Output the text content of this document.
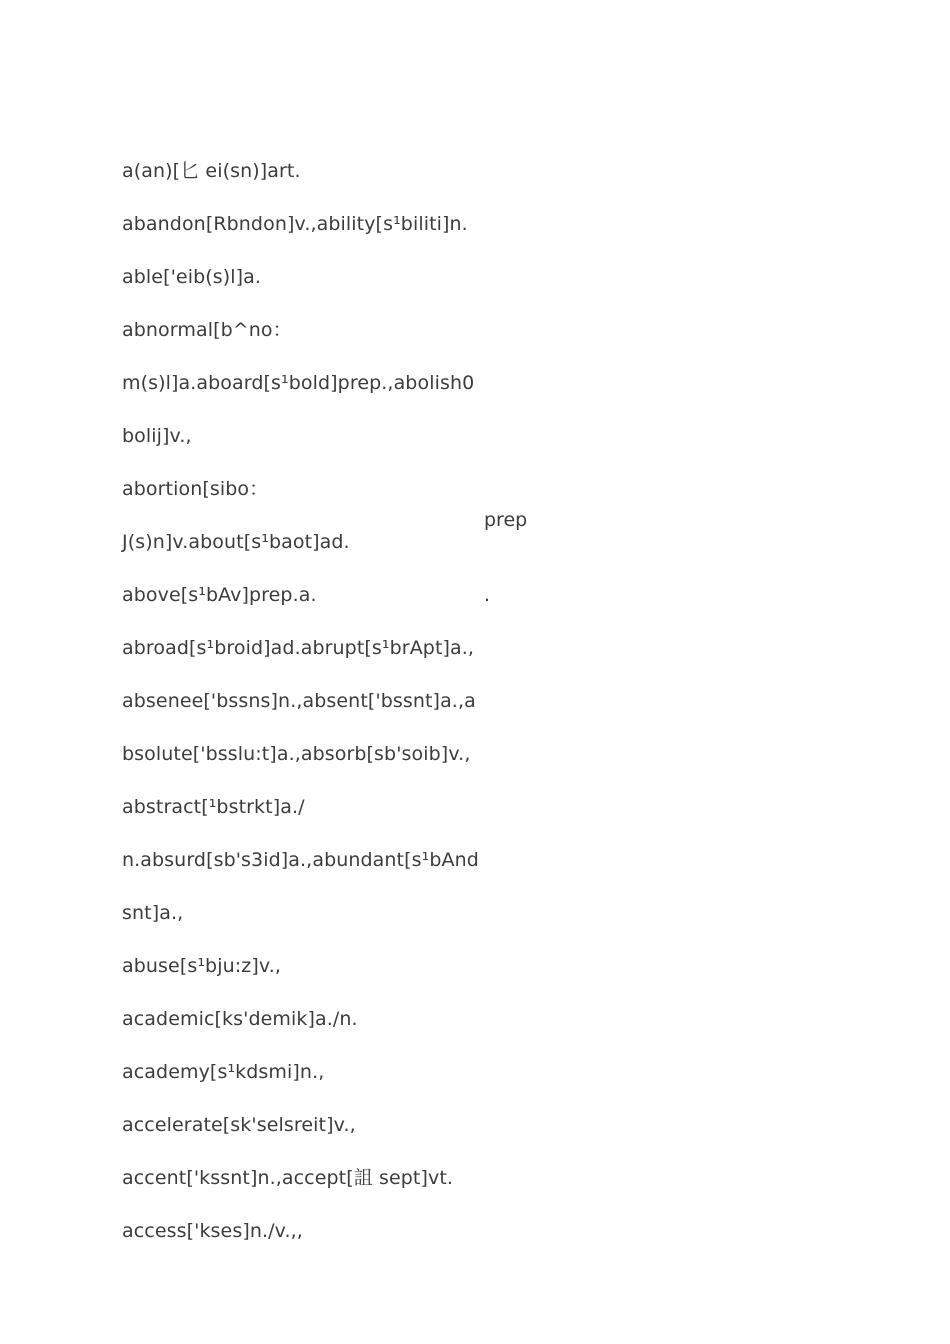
a(an)[匕 ei(sn)]art.
abandon[Rbndon]v.,ability[s¹biliti]n.
able['eib(s)l]a.
abnormal[b^no：
m(s)l]a.aboard[s¹bold]prep.,abolish0
bolij]v.,
abortion[sibo：
J(s)n]v.about[s¹baot]ad.
above[s¹bAv]prep.a.
abroad[s¹broid]ad.abrupt[s¹brApt]a.,
absenee['bssns]n.,absent['bssnt]a.,a
bsolute['bsslu:t]a.,absorb[sb'soib]v.,
abstract[¹bstrkt]a./
n.absurd[sb's3id]a.,abundant[s¹bAnd
snt]a.,
abuse[s¹bju:z]v.,
academic[ks'demik]a./n.
academy[s¹kdsmi]n.,
accelerate[sk'selsreit]v.,
accent['kssnt]n.,accept[詛 sept]vt.
access['kses]n./v.,,

prep

.
